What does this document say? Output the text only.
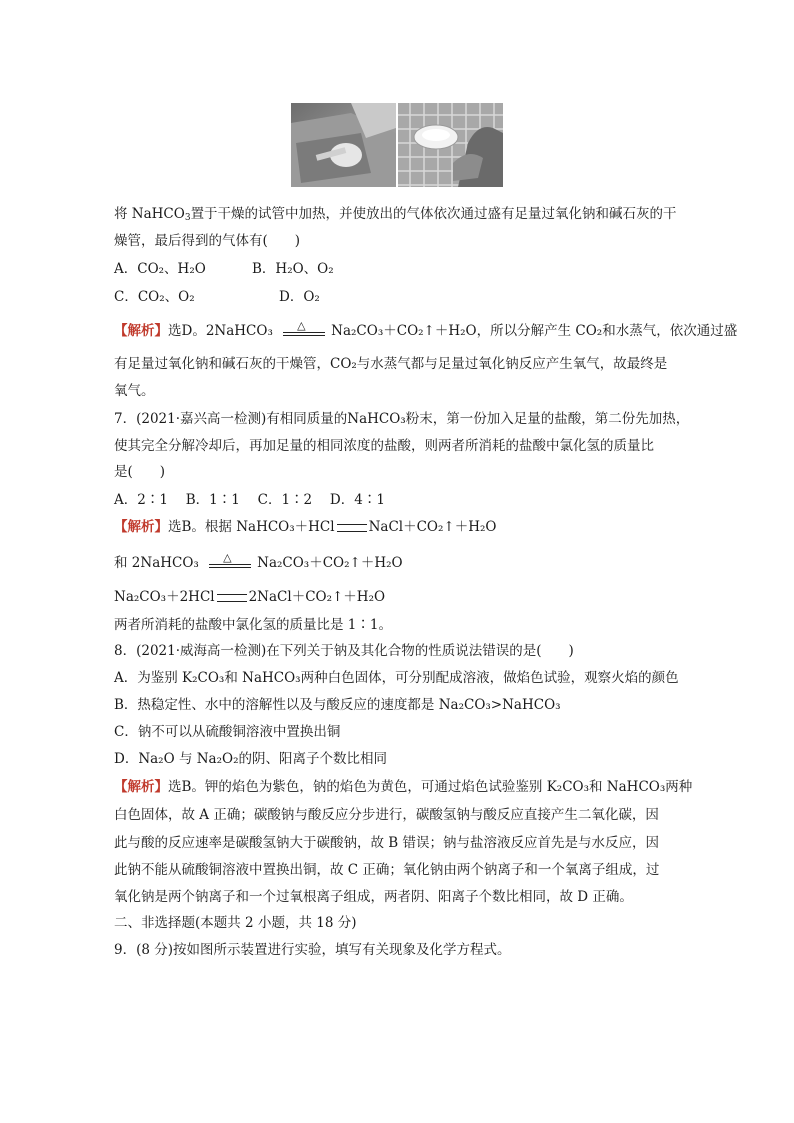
将 NaHCO$_3$置于干燥的试管中加热，并使放出的气体依次通过盛有足量过氧化钠和碱石灰的干
燥管，最后得到的气体有(　　)
A．CO₂、H₂O	B．H₂O、O₂
C．CO₂、O₂	D．O₂
【解析】选D。2NaHCO₃ △ Na₂CO₃＋CO₂↑＋H₂O，所以分解产生 CO₂和水蒸气，依次通过盛
有足量过氧化钠和碱石灰的干燥管，CO₂与水蒸气都与足量过氧化钠反应产生氧气，故最终是
氧气。
7．(2021·嘉兴高一检测)有相同质量的NaHCO₃粉末，第一份加入足量的盐酸，第二份先加热，
使其完全分解冷却后，再加足量的相同浓度的盐酸，则两者所消耗的盐酸中氯化氢的质量比
是(　　)
A．2∶1　 B．1∶1　 C．1∶2　 D．4∶1
【解析】选B。根据 NaHCO₃＋HCl	NaCl＋CO₂↑＋H₂O
和 2NaHCO₃ △ Na₂CO₃＋CO₂↑＋H₂O
Na₂CO₃＋2HCl	2NaCl＋CO₂↑＋H₂O
两者所消耗的盐酸中氯化氢的质量比是 1∶1。
8．(2021·威海高一检测)在下列关于钠及其化合物的性质说法错误的是(　　)
A．为鉴别 K₂CO₃和 NaHCO₃两种白色固体，可分别配成溶液，做焰色试验，观察火焰的颜色
B．热稳定性、水中的溶解性以及与酸反应的速度都是 Na₂CO₃>NaHCO₃
C．钠不可以从硫酸铜溶液中置换出铜
D．Na₂O 与 Na₂O₂的阴、阳离子个数比相同
【解析】选B。钾的焰色为紫色，钠的焰色为黄色，可通过焰色试验鉴别 K₂CO₃和 NaHCO₃两种
白色固体，故 A 正确；碳酸钠与酸反应分步进行，碳酸氢钠与酸反应直接产生二氧化碳，因
此与酸的反应速率是碳酸氢钠大于碳酸钠，故 B 错误；钠与盐溶液反应首先是与水反应，因
此钠不能从硫酸铜溶液中置换出铜，故 C 正确；氧化钠由两个钠离子和一个氧离子组成，过
氧化钠是两个钠离子和一个过氧根离子组成，两者阴、阳离子个数比相同，故 D 正确。
二、非选择题(本题共 2 小题，共 18 分)
9．(8 分)按如图所示装置进行实验，填写有关现象及化学方程式。
